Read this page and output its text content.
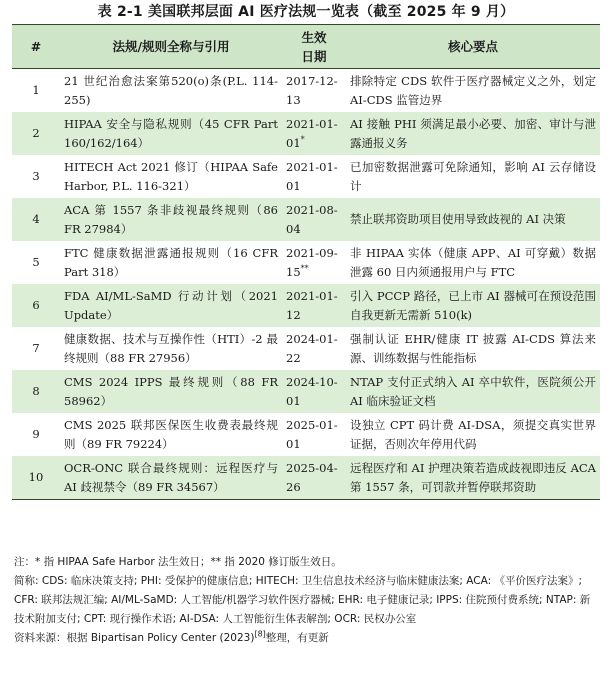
表 2-1 美国联邦层面 AI 医疗法规一览表（截至 2025 年 9 月）
#	法规/规则全称与引用	生效日期	核心要点
1	21 世纪治愈法案第520(o)条(P.L. 114-255)	2017-12-13	排除特定 CDS 软件于医疗器械定义之外，划定 AI-CDS 监管边界
2	HIPAA 安全与隐私规则（45 CFR Part 160/162/164）	2021-01-01*	AI 接触 PHI 须满足最小必要、加密、审计与泄露通报义务
3	HITECH Act 2021 修订（HIPAA Safe Harbor, P.L. 116-321）	2021-01-01	已加密数据泄露可免除通知，影响 AI 云存储设计
4	ACA 第 1557 条非歧视最终规则（86 FR 27984）	2021-08-04	禁止联邦资助项目使用导致歧视的 AI 决策
5	FTC 健康数据泄露通报规则（16 CFR Part 318）	2021-09-15**	非 HIPAA 实体（健康 APP、AI 可穿戴）数据泄露 60 日内须通报用户与 FTC
6	FDA AI/ML-SaMD 行动计划（2021 Update）	2021-01-12	引入 PCCP 路径，已上市 AI 器械可在预设范围自我更新无需新 510(k)
7	健康数据、技术与互操作性（HTI）-2 最终规则（88 FR 27956）	2024-01-22	强制认证 EHR/健康 IT 披露 AI-CDS 算法来源、训练数据与性能指标
8	CMS 2024 IPPS 最终规则（88 FR 58962）	2024-10-01	NTAP 支付正式纳入 AI 卒中软件，医院须公开 AI 临床验证文档
9	CMS 2025 联邦医保医生收费表最终规则（89 FR 79224）	2025-01-01	设独立 CPT 码计费 AI-DSA，须提交真实世界证据，否则次年停用代码
10	OCR-ONC 联合最终规则：远程医疗与 AI 歧视禁令（89 FR 34567）	2025-04-26	远程医疗和 AI 护理决策若造成歧视即违反 ACA 第 1557 条，可罚款并暂停联邦资助

注：* 指 HIPAA Safe Harbor 法生效日；** 指 2020 修订版生效日。

简称: CDS: 临床决策支持; PHI: 受保护的健康信息; HITECH: 卫生信息技术经济与临床健康法案; ACA: 《平价医疗法案》; CFR: 联邦法规汇编; AI/ML-SaMD: 人工智能/机器学习软件医疗器械; EHR: 电子健康记录; IPPS: 住院预付费系统; NTAP: 新技术附加支付; CPT: 现行操作术语; AI-DSA: 人工智能衍生体表解剖; OCR: 民权办公室

资料来源：根据 Bipartisan Policy Center (2023)[8]整理，有更新
